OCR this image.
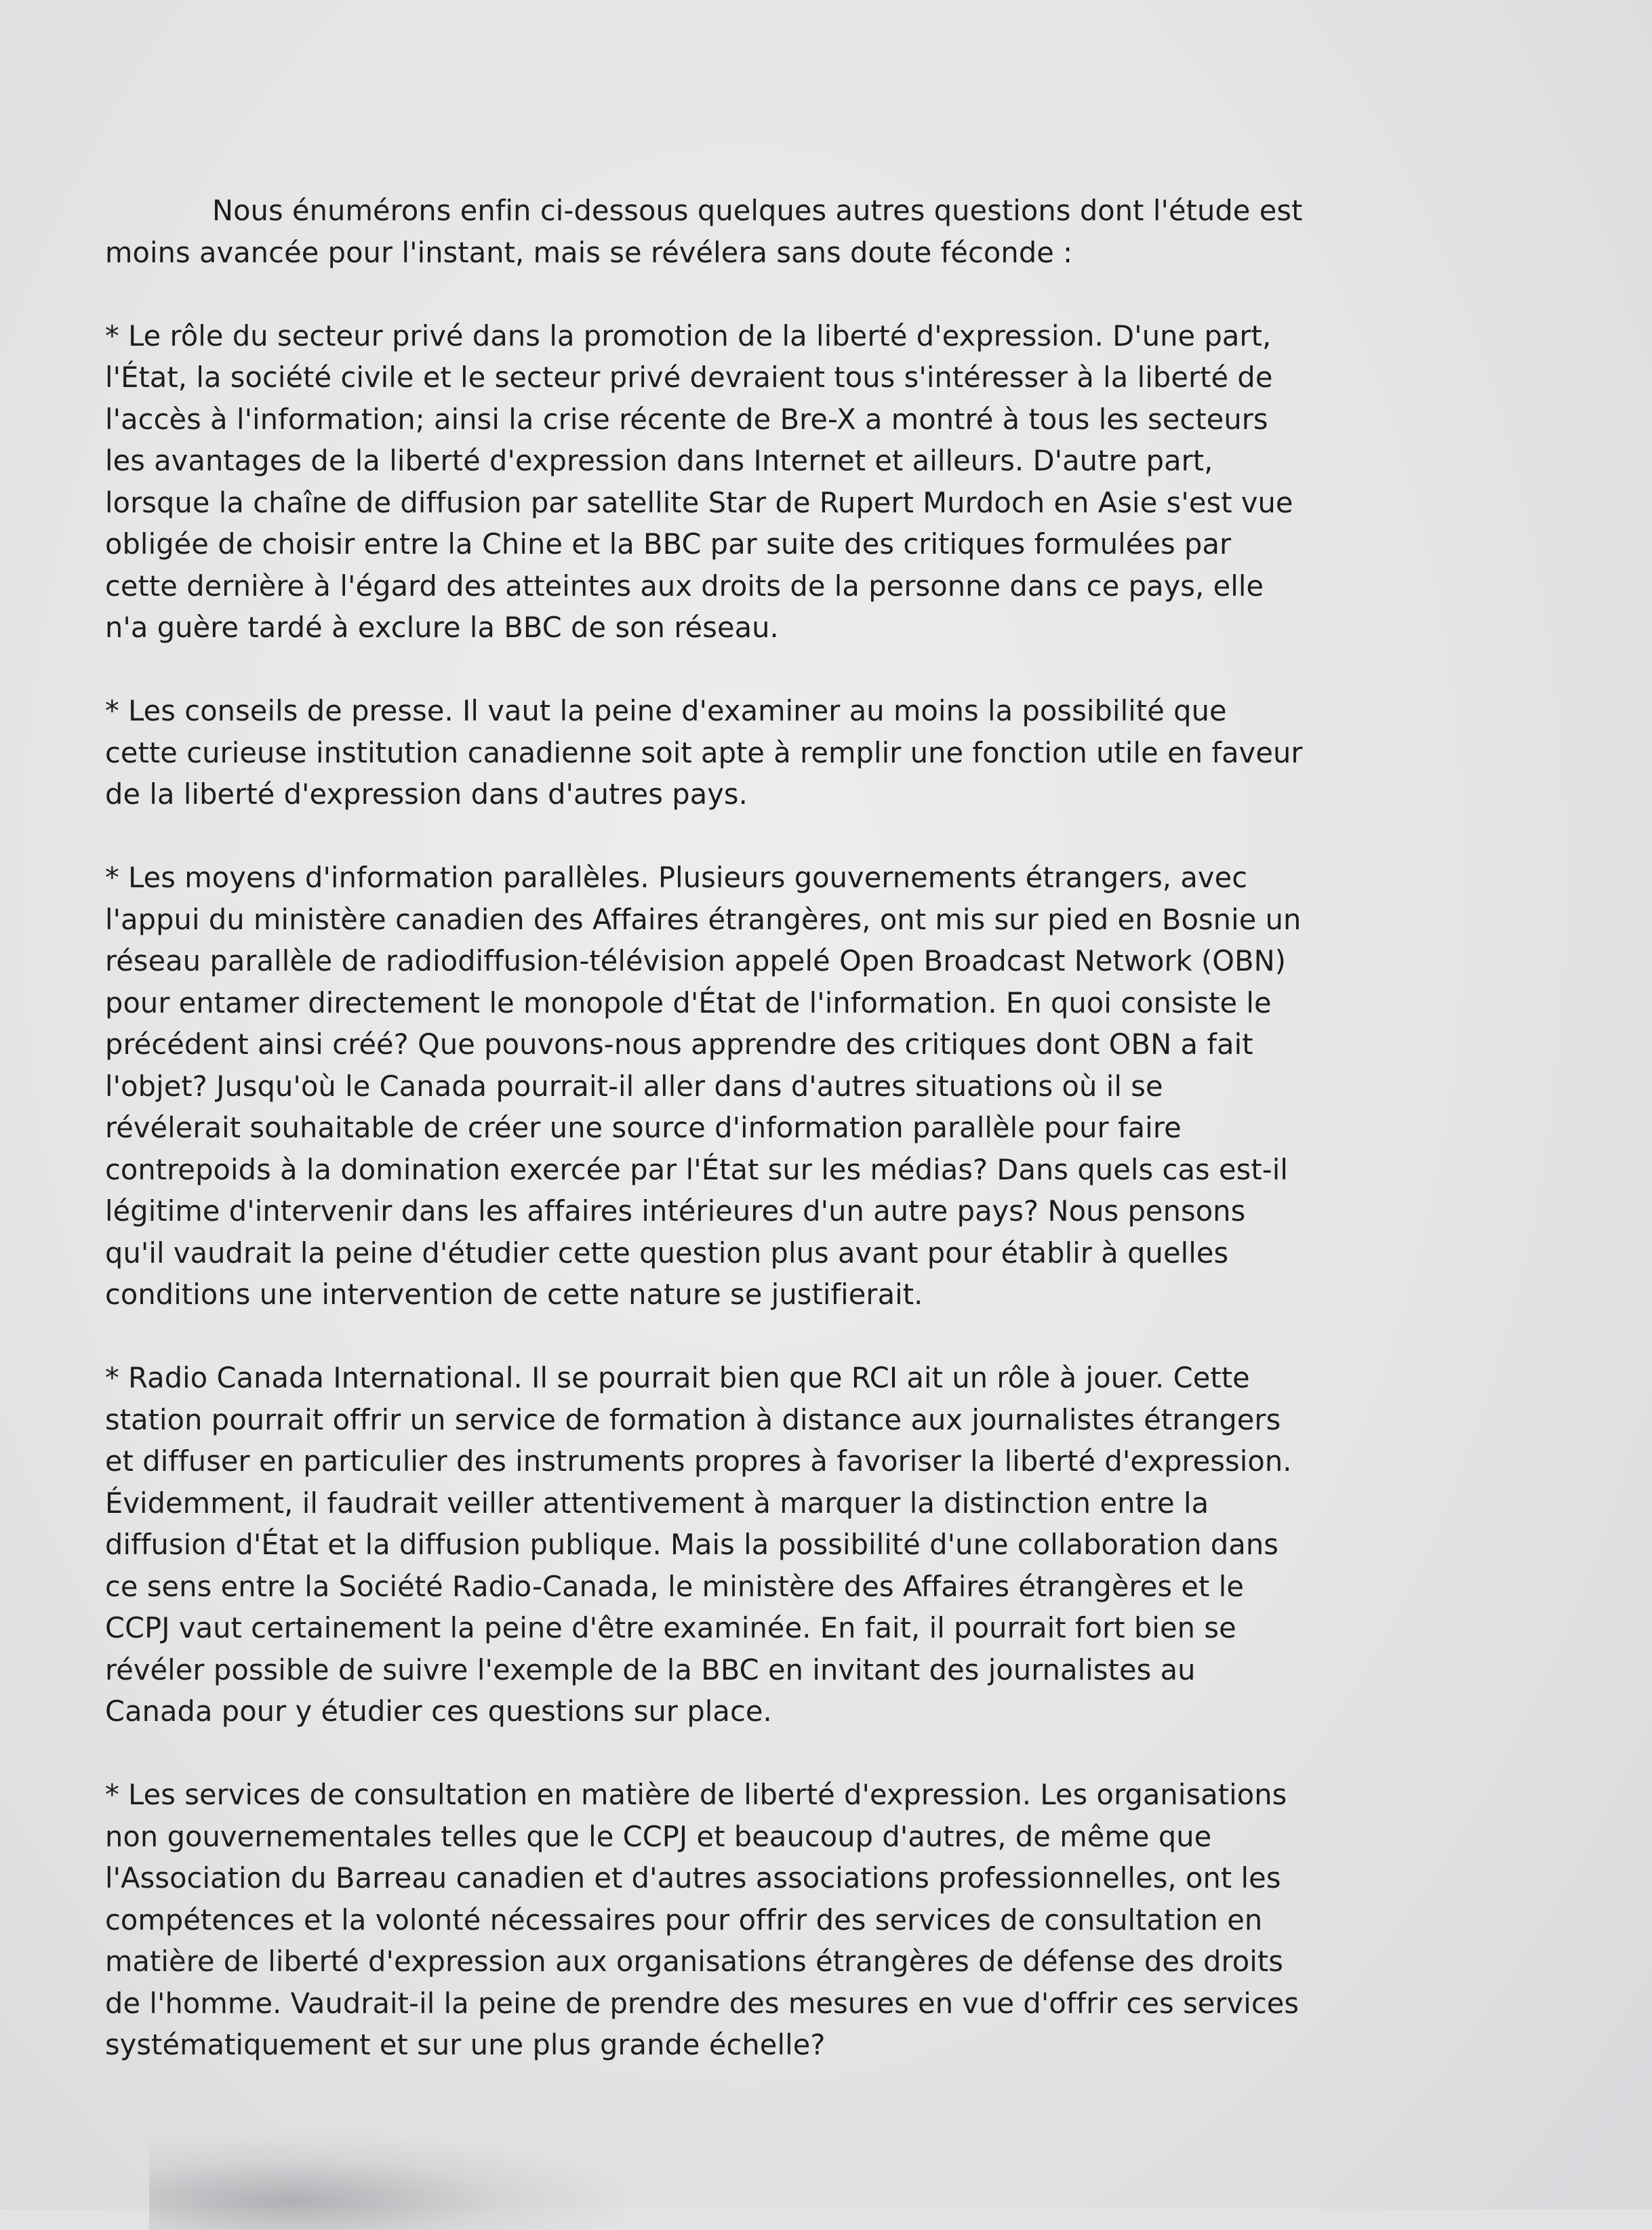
Nous énumérons enfin ci-dessous quelques autres questions dont l'étude est
moins avancée pour l'instant, mais se révélera sans doute féconde :

* Le rôle du secteur privé dans la promotion de la liberté d'expression. D'une part,
l'État, la société civile et le secteur privé devraient tous s'intéresser à la liberté de
l'accès à l'information; ainsi la crise récente de Bre-X a montré à tous les secteurs
les avantages de la liberté d'expression dans Internet et ailleurs. D'autre part,
lorsque la chaîne de diffusion par satellite Star de Rupert Murdoch en Asie s'est vue
obligée de choisir entre la Chine et la BBC par suite des critiques formulées par
cette dernière à l'égard des atteintes aux droits de la personne dans ce pays, elle
n'a guère tardé à exclure la BBC de son réseau.

* Les conseils de presse. Il vaut la peine d'examiner au moins la possibilité que
cette curieuse institution canadienne soit apte à remplir une fonction utile en faveur
de la liberté d'expression dans d'autres pays.

* Les moyens d'information parallèles. Plusieurs gouvernements étrangers, avec
l'appui du ministère canadien des Affaires étrangères, ont mis sur pied en Bosnie un
réseau parallèle de radiodiffusion-télévision appelé Open Broadcast Network (OBN)
pour entamer directement le monopole d'État de l'information. En quoi consiste le
précédent ainsi créé? Que pouvons-nous apprendre des critiques dont OBN a fait
l'objet? Jusqu'où le Canada pourrait-il aller dans d'autres situations où il se
révélerait souhaitable de créer une source d'information parallèle pour faire
contrepoids à la domination exercée par l'État sur les médias? Dans quels cas est-il
légitime d'intervenir dans les affaires intérieures d'un autre pays? Nous pensons
qu'il vaudrait la peine d'étudier cette question plus avant pour établir à quelles
conditions une intervention de cette nature se justifierait.

* Radio Canada International. Il se pourrait bien que RCI ait un rôle à jouer. Cette
station pourrait offrir un service de formation à distance aux journalistes étrangers
et diffuser en particulier des instruments propres à favoriser la liberté d'expression.
Évidemment, il faudrait veiller attentivement à marquer la distinction entre la
diffusion d'État et la diffusion publique. Mais la possibilité d'une collaboration dans
ce sens entre la Société Radio-Canada, le ministère des Affaires étrangères et le
CCPJ vaut certainement la peine d'être examinée. En fait, il pourrait fort bien se
révéler possible de suivre l'exemple de la BBC en invitant des journalistes au
Canada pour y étudier ces questions sur place.

* Les services de consultation en matière de liberté d'expression. Les organisations
non gouvernementales telles que le CCPJ et beaucoup d'autres, de même que
l'Association du Barreau canadien et d'autres associations professionnelles, ont les
compétences et la volonté nécessaires pour offrir des services de consultation en
matière de liberté d'expression aux organisations étrangères de défense des droits
de l'homme. Vaudrait-il la peine de prendre des mesures en vue d'offrir ces services
systématiquement et sur une plus grande échelle?
